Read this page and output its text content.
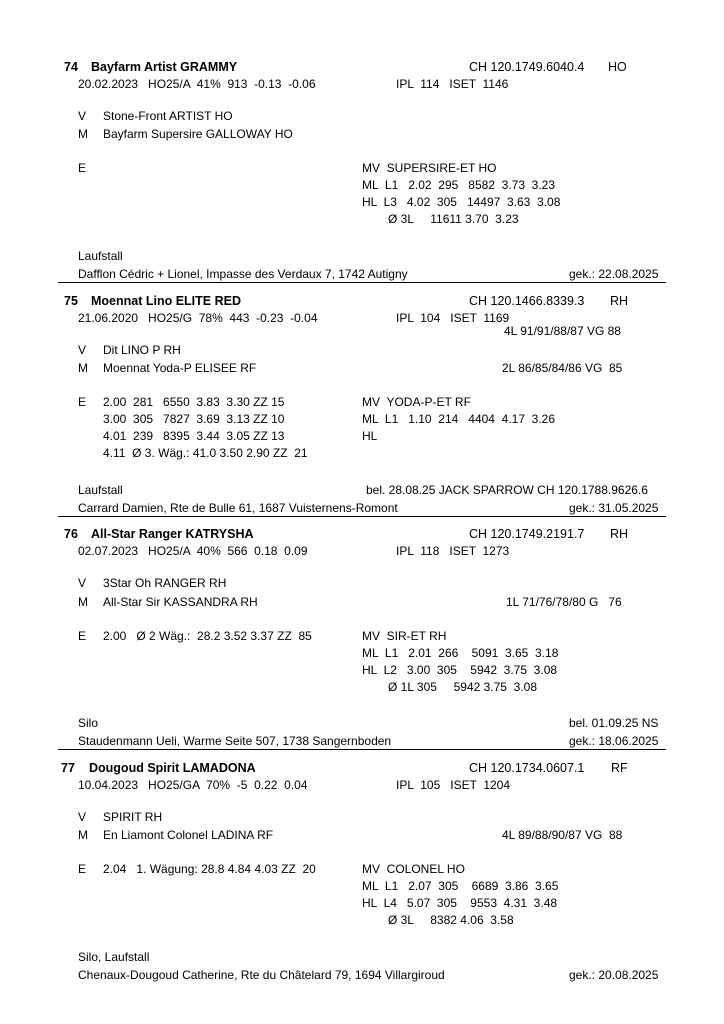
74 Bayfarm Artist GRAMMY	CH 120.1749.6040.4 HO
20.02.2023   HO25/A  41%  913  -0.13  -0.06	IPL  114   ISET  1146
V Stone-Front ARTIST HO
M Bayfarm Supersire GALLOWAY HO
E	MV  SUPERSIRE-ET HO
ML  L1   2.02  295   8582  3.73  3.23
HL  L3   4.02  305   14497  3.63  3.08
Ø 3L     11611 3.70  3.23
Laufstall
Dafflon Cédric + Lionel, Impasse des Verdaux 7, 1742 Autigny	gek.: 22.08.2025
75 Moennat Lino ELITE RED	CH 120.1466.8339.3 RH
21.06.2020   HO25/G  78%  443  -0.23  -0.04	IPL  104   ISET  1169
4L 91/91/88/87 VG 88
V Dit LINO P RH
M Moennat Yoda-P ELISEE RF	2L 86/85/84/86 VG  85
E 2.00  281   6550  3.83  3.30 ZZ 15
3.00  305   7827  3.69  3.13 ZZ 10
4.01  239   8395  3.44  3.05 ZZ 13
4.11  Ø 3. Wäg.: 41.0 3.50 2.90 ZZ  21
MV  YODA-P-ET RF
ML  L1   1.10  214   4404  4.17  3.26
HL
Laufstall	bel. 28.08.25 JACK SPARROW CH 120.1788.9626.6
Carrard Damien, Rte de Bulle 61, 1687 Vuisternens-Romont	gek.: 31.05.2025
76 All-Star Ranger KATRYSHA	CH 120.1749.2191.7 RH
02.07.2023   HO25/A  40%  566  0.18  0.09	IPL  118   ISET  1273
V 3Star Oh RANGER RH
M All-Star Sir KASSANDRA RH	1L 71/76/78/80 G   76
E 2.00   Ø 2 Wäg.:  28.2 3.52 3.37 ZZ  85	MV  SIR-ET RH
ML  L1   2.01  266    5091  3.65  3.18
HL  L2   3.00  305    5942  3.75  3.08
Ø 1L 305     5942 3.75  3.08
Silo	bel. 01.09.25 NS
Staudenmann Ueli, Warme Seite 507, 1738 Sangernboden	gek.: 18.06.2025
77 Dougoud Spirit LAMADONA	CH 120.1734.0607.1 RF
10.04.2023   HO25/GA  70%  -5  0.22  0.04	IPL  105   ISET  1204
V SPIRIT RH
M En Liamont Colonel LADINA RF	4L 89/88/90/87 VG  88
E 2.04   1. Wägung: 28.8 4.84 4.03 ZZ  20	MV  COLONEL HO
ML  L1   2.07  305    6689  3.86  3.65
HL  L4   5.07  305    9553  4.31  3.48
Ø 3L     8382 4.06  3.58
Silo, Laufstall
Chenaux-Dougoud Catherine, Rte du Châtelard 79, 1694 Villargiroud	gek.: 20.08.2025
